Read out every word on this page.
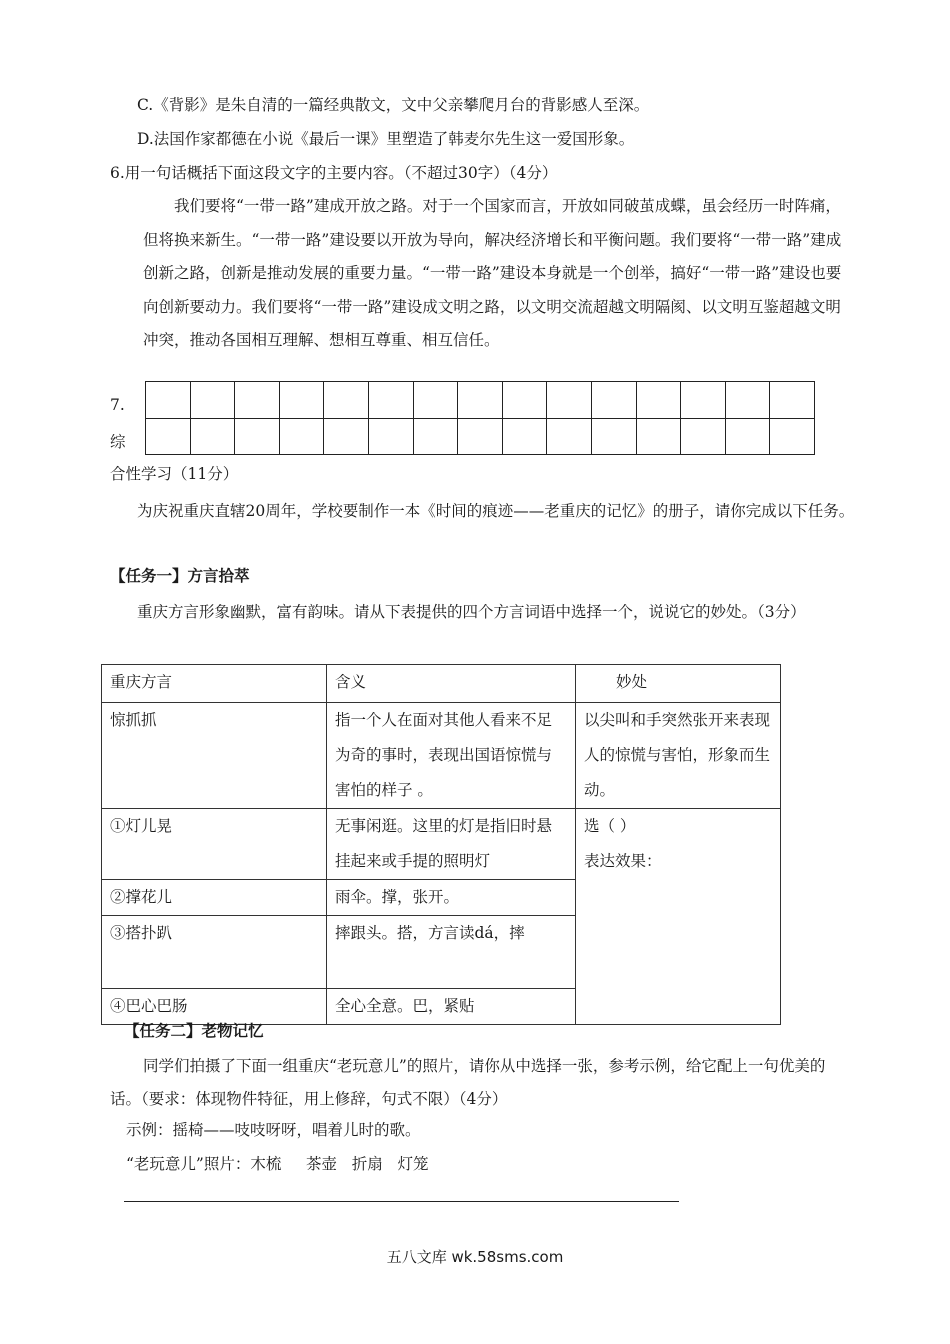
C.《背影》是朱自清的一篇经典散文，文中父亲攀爬月台的背影感人至深。
D.法国作家都德在小说《最后一课》里塑造了韩麦尔先生这一爱国形象。
6.用一句话概括下面这段文字的主要内容。（不超过30字）（4分）
我们要将“一带一路”建成开放之路。对于一个国家而言，开放如同破茧成蝶，虽会经历一时阵痛，但将换来新生。“一带一路”建设要以开放为导向，解决经济增长和平衡问题。我们要将“一带一路”建成创新之路，创新是推动发展的重要力量。“一带一路”建设本身就是一个创举，搞好“一带一路”建设也要向创新要动力。我们要将“一带一路”建设成文明之路，以文明交流超越文明隔阂、以文明互鉴超越文明冲突，推动各国相互理解、想相互尊重、相互信任。
7.
综

合性学习（11分）
为庆祝重庆直辖20周年，学校要制作一本《时间的痕迹——老重庆的记忆》的册子，请你完成以下任务。
【任务一】方言拾萃
重庆方言形象幽默，富有韵味。请从下表提供的四个方言词语中选择一个，说说它的妙处。（3分）
重庆方言	含义	妙处
惊抓抓	指一个人在面对其他人看来不足为奇的事时，表现出国语惊慌与害怕的样子 。	以尖叫和手突然张开来表现人的惊慌与害怕，形象而生动。
①灯儿晃	无事闲逛。这里的灯是指旧时悬挂起来或手提的照明灯	选（ ）
表达效果：

②撑花儿	雨伞。撑，张开。	
③搭扑趴	摔跟头。搭，方言读dá，摔	
④巴心巴肠	全心全意。巴，紧贴	
【任务二】老物记忆
同学们拍摄了下面一组重庆“老玩意儿”的照片，请你从中选择一张，参考示例，给它配上一句优美的话。（要求：体现物件特征，用上修辞，句式不限）（4分）
示例：摇椅——吱吱呀呀，唱着儿时的歌。
“老玩意儿”照片：木梳     茶壶   折扇   灯笼
五八文库 wk.58sms.com
